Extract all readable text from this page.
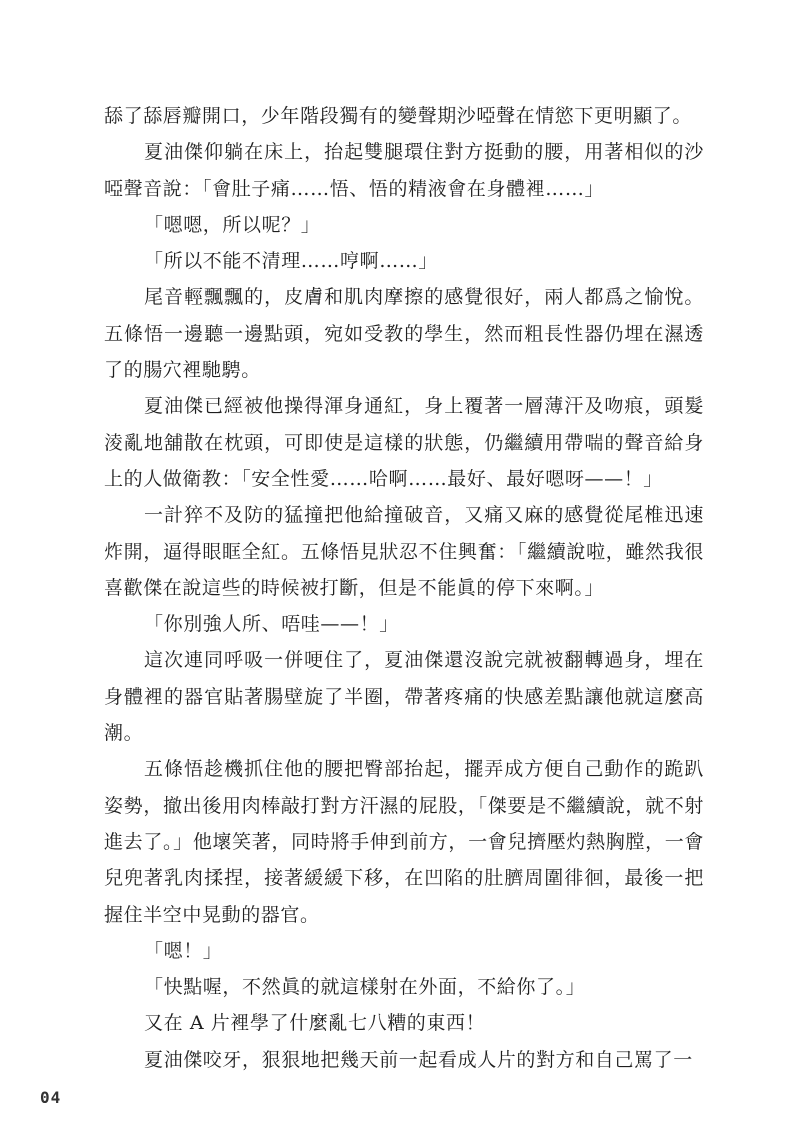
舔了舔唇瓣開口，少年階段獨有的變聲期沙啞聲在情慾下更明顯了。

夏油傑仰躺在床上，抬起雙腿環住對方挺動的腰，用著相似的沙啞聲音說：「會肚子痛……悟、悟的精液會在身體裡……」

「嗯嗯，所以呢？」

「所以不能不清理……哼啊……」

尾音輕飄飄的，皮膚和肌肉摩擦的感覺很好，兩人都爲之愉悅。五條悟一邊聽一邊點頭，宛如受教的學生，然而粗長性器仍埋在濕透了的腸穴裡馳騁。

夏油傑已經被他操得渾身通紅，身上覆著一層薄汗及吻痕，頭髮淩亂地舖散在枕頭，可即使是這樣的狀態，仍繼續用帶喘的聲音給身上的人做衛教：「安全性愛……哈啊……最好、最好嗯呀——！」

一計猝不及防的猛撞把他給撞破音，又痛又麻的感覺從尾椎迅速炸開，逼得眼眶全紅。五條悟見狀忍不住興奮：「繼續說啦，雖然我很喜歡傑在說這些的時候被打斷，但是不能眞的停下來啊。」

「你別強人所、唔哇——！」

這次連同呼吸一併哽住了，夏油傑還沒說完就被翻轉過身，埋在身體裡的器官貼著腸壁旋了半圈，帶著疼痛的快感差點讓他就這麼高潮。

五條悟趁機抓住他的腰把臀部抬起，擺弄成方便自己動作的跪趴姿勢，撤出後用肉棒敲打對方汗濕的屁股，「傑要是不繼續說，就不射進去了。」他壞笑著，同時將手伸到前方，一會兒擠壓灼熱胸膛，一會兒兜著乳肉揉捏，接著緩緩下移，在凹陷的肚臍周圍徘徊，最後一把握住半空中晃動的器官。

「嗯！」

「快點喔，不然眞的就這樣射在外面，不給你了。」

又在 A 片裡學了什麼亂七八糟的東西！

夏油傑咬牙，狠狠地把幾天前一起看成人片的對方和自己罵了一

04
